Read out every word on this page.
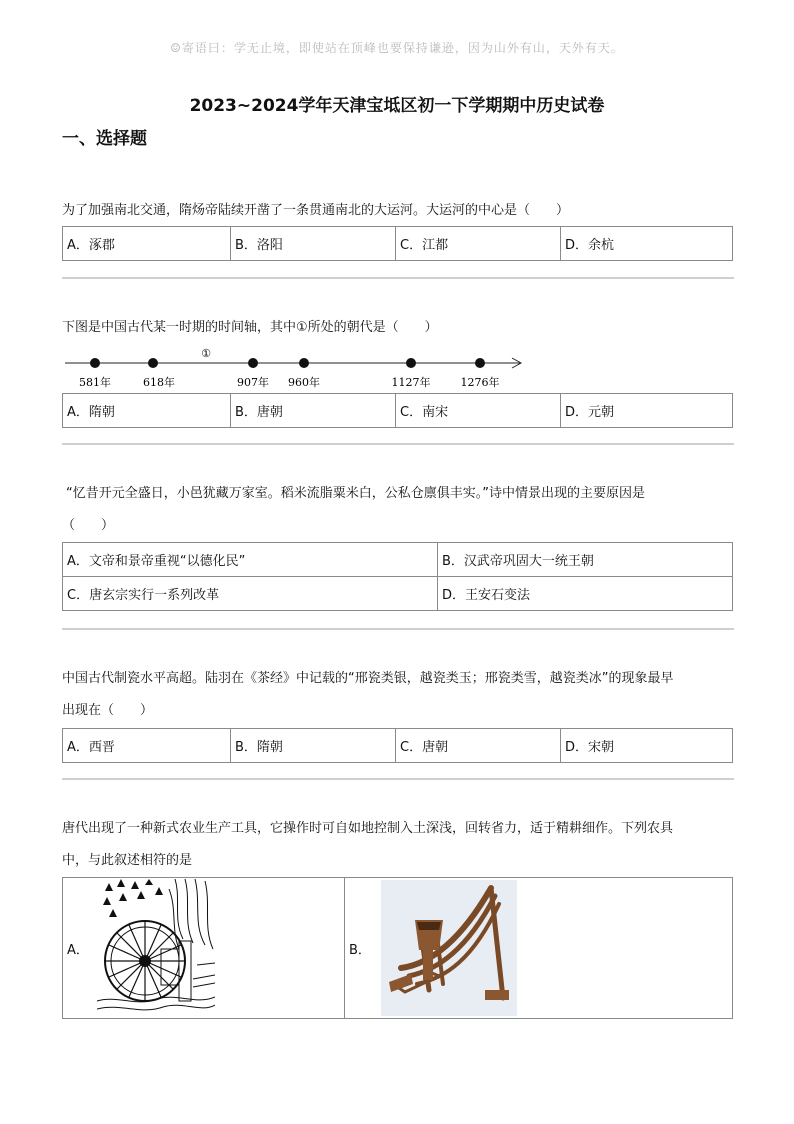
☺寄语曰：学无止境，即使站在顶峰也要保持谦逊，因为山外有山，天外有天。
2023~2024学年天津宝坻区初一下学期期中历史试卷
一、选择题
为了加强南北交通，隋炀帝陆续开凿了一条贯通南北的大运河。大运河的中心是（　　）
A．涿郡	B．洛阳	C．江都	D．余杭
下图是中国古代某一时期的时间轴，其中①所处的朝代是（　　）
①
581年	618年	907年 960年	1127年	1276年
A．隋朝	B．唐朝	C．南宋	D．元朝
“忆昔开元全盛日，小邑犹藏万家室。稻米流脂粟米白，公私仓廪俱丰实。”诗中情景出现的主要原因是
（　　）
A．文帝和景帝重视“以德化民”	B．汉武帝巩固大一统王朝
C．唐玄宗实行一系列改革	D．王安石变法
中国古代制瓷水平高超。陆羽在《茶经》中记载的“邢瓷类银，越瓷类玉；邢瓷类雪，越瓷类冰”的现象最早
出现在（　　）
A．西晋	B．隋朝	C．唐朝	D．宋朝
唐代出现了一种新式农业生产工具，它操作时可自如地控制入土深浅，回转省力，适于精耕细作。下列农具
中，与此叙述相符的是
A．	B．
